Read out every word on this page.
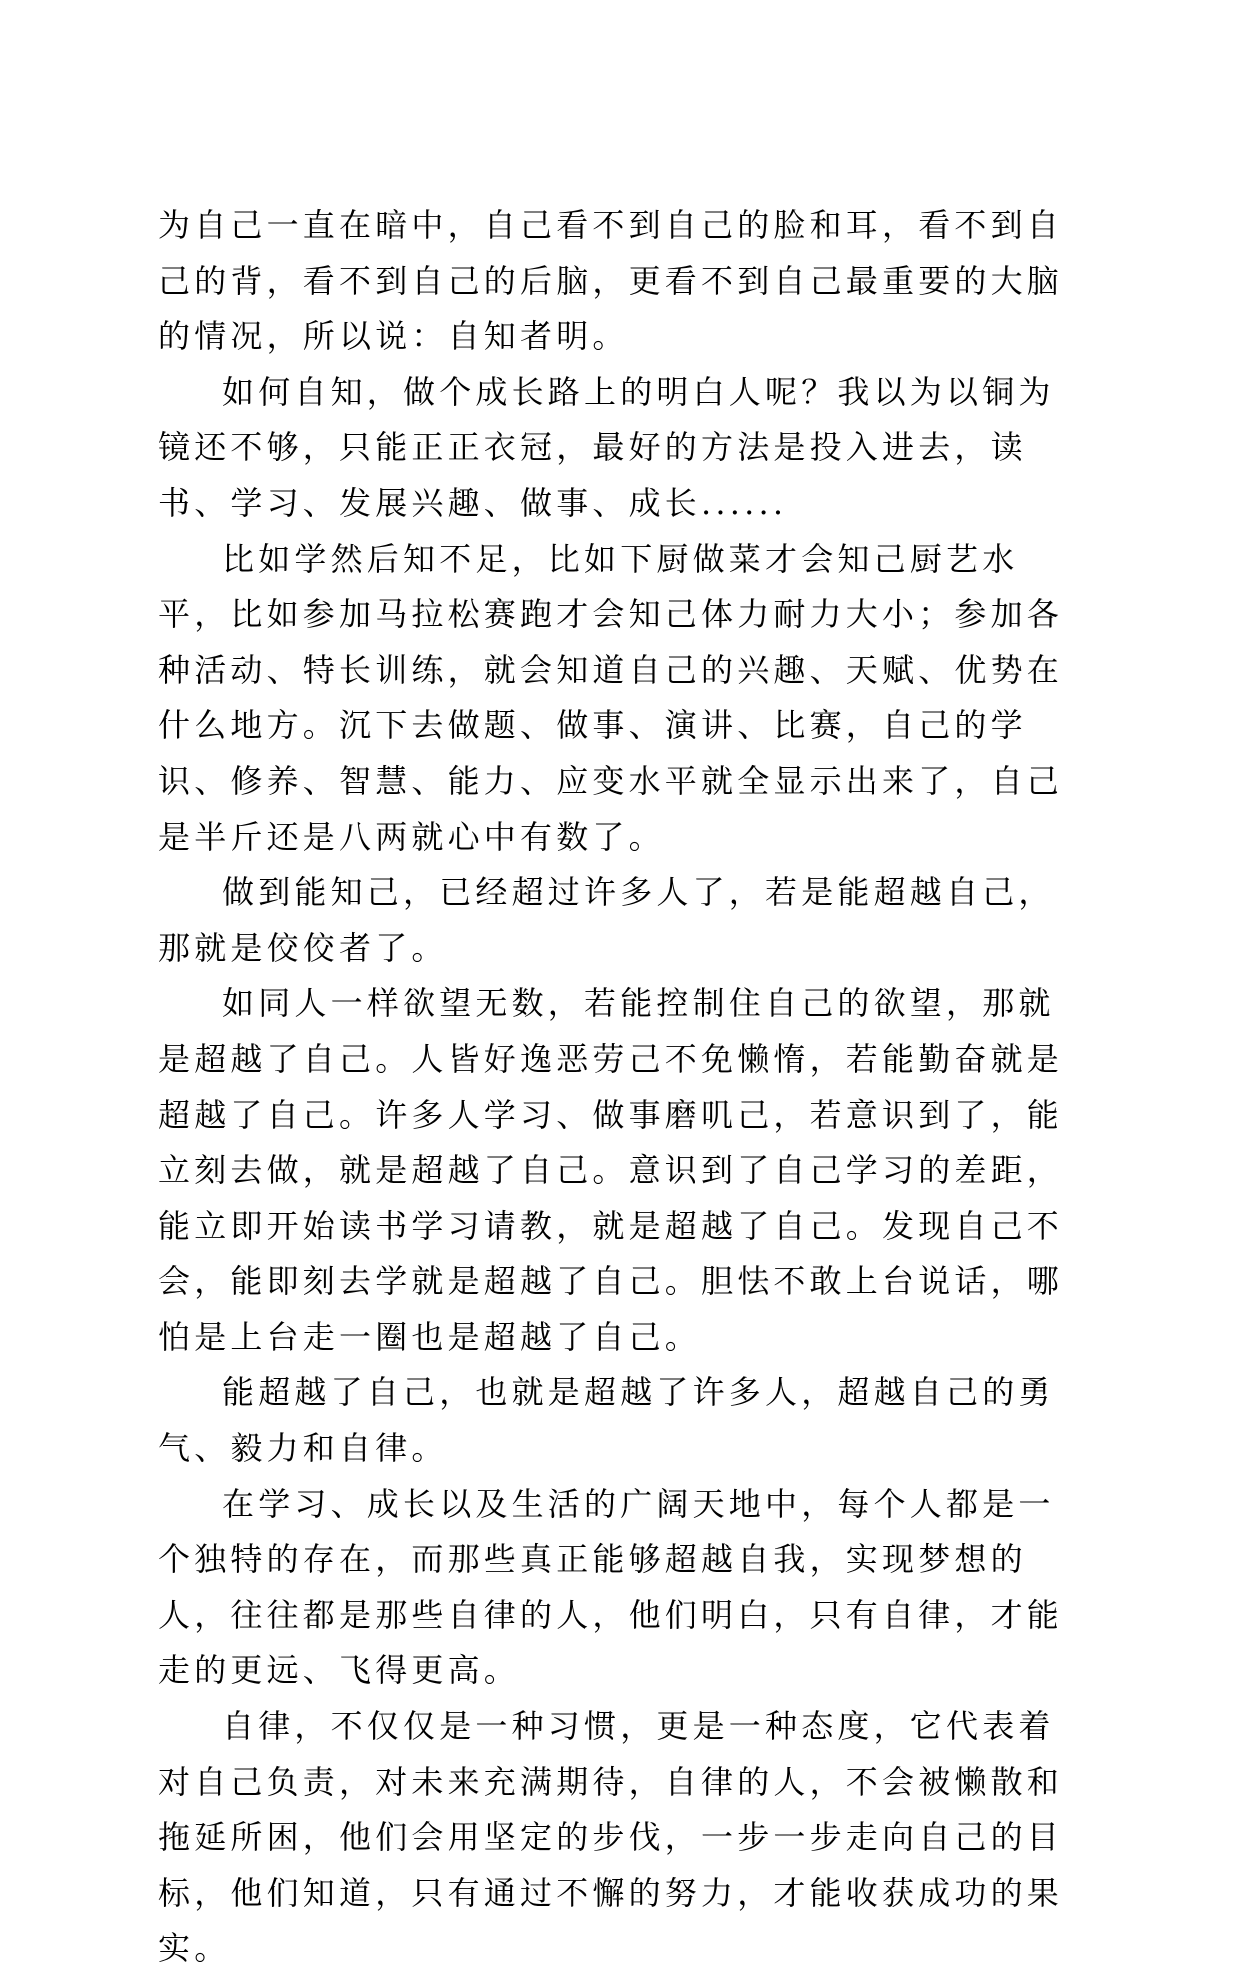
为自己一直在暗中，自己看不到自己的脸和耳，看不到自己的背，看不到自己的后脑，更看不到自己最重要的大脑的情况，所以说：自知者明。

如何自知，做个成长路上的明白人呢？我以为以铜为镜还不够，只能正正衣冠，最好的方法是投入进去，读书、学习、发展兴趣、做事、成长......

比如学然后知不足，比如下厨做菜才会知己厨艺水平，比如参加马拉松赛跑才会知己体力耐力大小；参加各种活动、特长训练，就会知道自己的兴趣、天赋、优势在什么地方。沉下去做题、做事、演讲、比赛，自己的学识、修养、智慧、能力、应变水平就全显示出来了，自己是半斤还是八两就心中有数了。

做到能知己，已经超过许多人了，若是能超越自己，那就是佼佼者了。

如同人一样欲望无数，若能控制住自己的欲望，那就是超越了自己。人皆好逸恶劳己不免懒惰，若能勤奋就是超越了自己。许多人学习、做事磨叽己，若意识到了，能立刻去做，就是超越了自己。意识到了自己学习的差距，能立即开始读书学习请教，就是超越了自己。发现自己不会，能即刻去学就是超越了自己。胆怯不敢上台说话，哪怕是上台走一圈也是超越了自己。

能超越了自己，也就是超越了许多人，超越自己的勇气、毅力和自律。

在学习、成长以及生活的广阔天地中，每个人都是一个独特的存在，而那些真正能够超越自我，实现梦想的人，往往都是那些自律的人，他们明白，只有自律，才能走的更远、飞得更高。

自律，不仅仅是一种习惯，更是一种态度，它代表着对自己负责，对未来充满期待，自律的人，不会被懒散和拖延所困，他们会用坚定的步伐，一步一步走向自己的目标，他们知道，只有通过不懈的努力，才能收获成功的果实。
